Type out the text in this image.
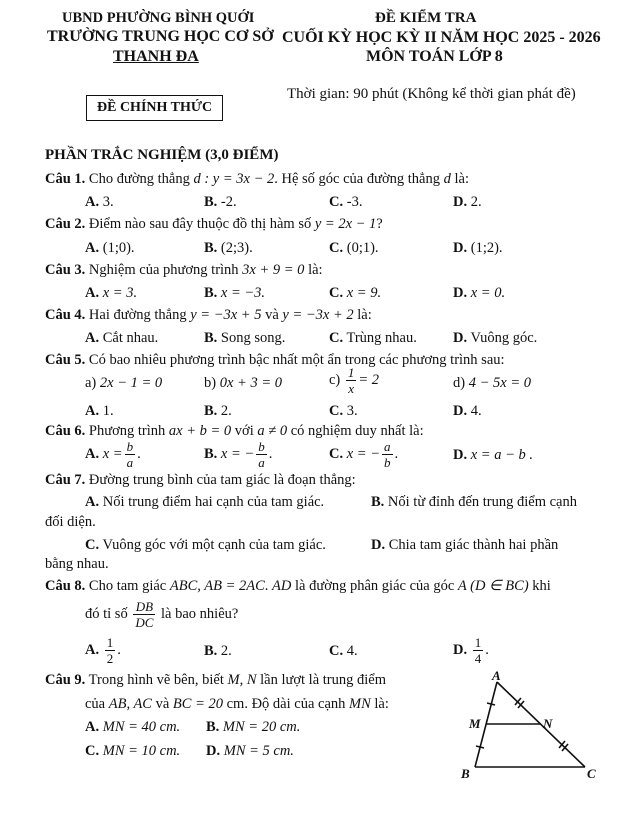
UBND PHƯỜNG BÌNH QUỚI
TRƯỜNG TRUNG HỌC CƠ SỞ
THANH ĐA
ĐỀ CHÍNH THỨC
ĐỀ KIỂM TRA
CUỐI KỲ HỌC KỲ II NĂM HỌC 2025 - 2026
MÔN TOÁN LỚP 8
Thời gian: 90 phút (Không kể thời gian phát đề)
PHẦN TRẮC NGHIỆM (3,0 ĐIỂM)
Câu 1. Cho đường thẳng d : y = 3x − 2. Hệ số góc của đường thẳng d là:
A. 3.	B. -2.	C. -3.	D. 2.
Câu 2. Điểm nào sau đây thuộc đồ thị hàm số y = 2x − 1?
A. (1;0).	B. (2;3).	C. (0;1).	D. (1;2).
Câu 3. Nghiệm của phương trình 3x + 9 = 0 là:
A. x = 3.	B. x = −3.	C. x = 9.	D. x = 0.
Câu 4. Hai đường thẳng y = −3x + 5 và y = −3x + 2 là:
A. Cắt nhau.	B. Song song.	C. Trùng nhau. D. Vuông góc.
Câu 5. Có bao nhiêu phương trình bậc nhất một ẩn trong các phương trình sau:
a) 2x − 1 = 0	b) 0x + 3 = 0	$c) \frac{1}{x} = 2$	d) 4 − 5x = 0
A. 1.	B. 2.	C. 3.	D. 4.
Câu 6. Phương trình ax + b = 0 với a ≠ 0 có nghiệm duy nhất là:
A. $x = \frac{b}{a}$ .	B. x = − $\frac{b}{a}$ .	C. x = − $\frac{a}{b}$ .	D. x = a − b .
Câu 7. Đường trung bình của tam giác là đoạn thẳng:
A. Nối trung điểm hai cạnh của tam giác.	B. Nối từ đỉnh đến trung điểm cạnh
đối diện.
C. Vuông góc với một cạnh của tam giác.	D. Chia tam giác thành hai phần
bằng nhau.
Câu 8. Cho tam giác ABC, AB = 2AC. AD là đường phân giác của góc A (D ∈ BC) khi
đó tỉ số $\frac{DB}{DC}$ là bao nhiêu?
A. $\frac{1}{2}$ .	B. 2.	C. 4.	D. $\frac{1}{4}$ .
Câu 9. Trong hình vẽ bên, biết M, N lần lượt là trung điểm
của AB, AC và BC = 20 cm. Độ dài của cạnh MN là:
A. MN = 40 cm. B. MN = 20 cm.
C. MN = 10 cm. D. MN = 5 cm.
A
M	N
B	C
